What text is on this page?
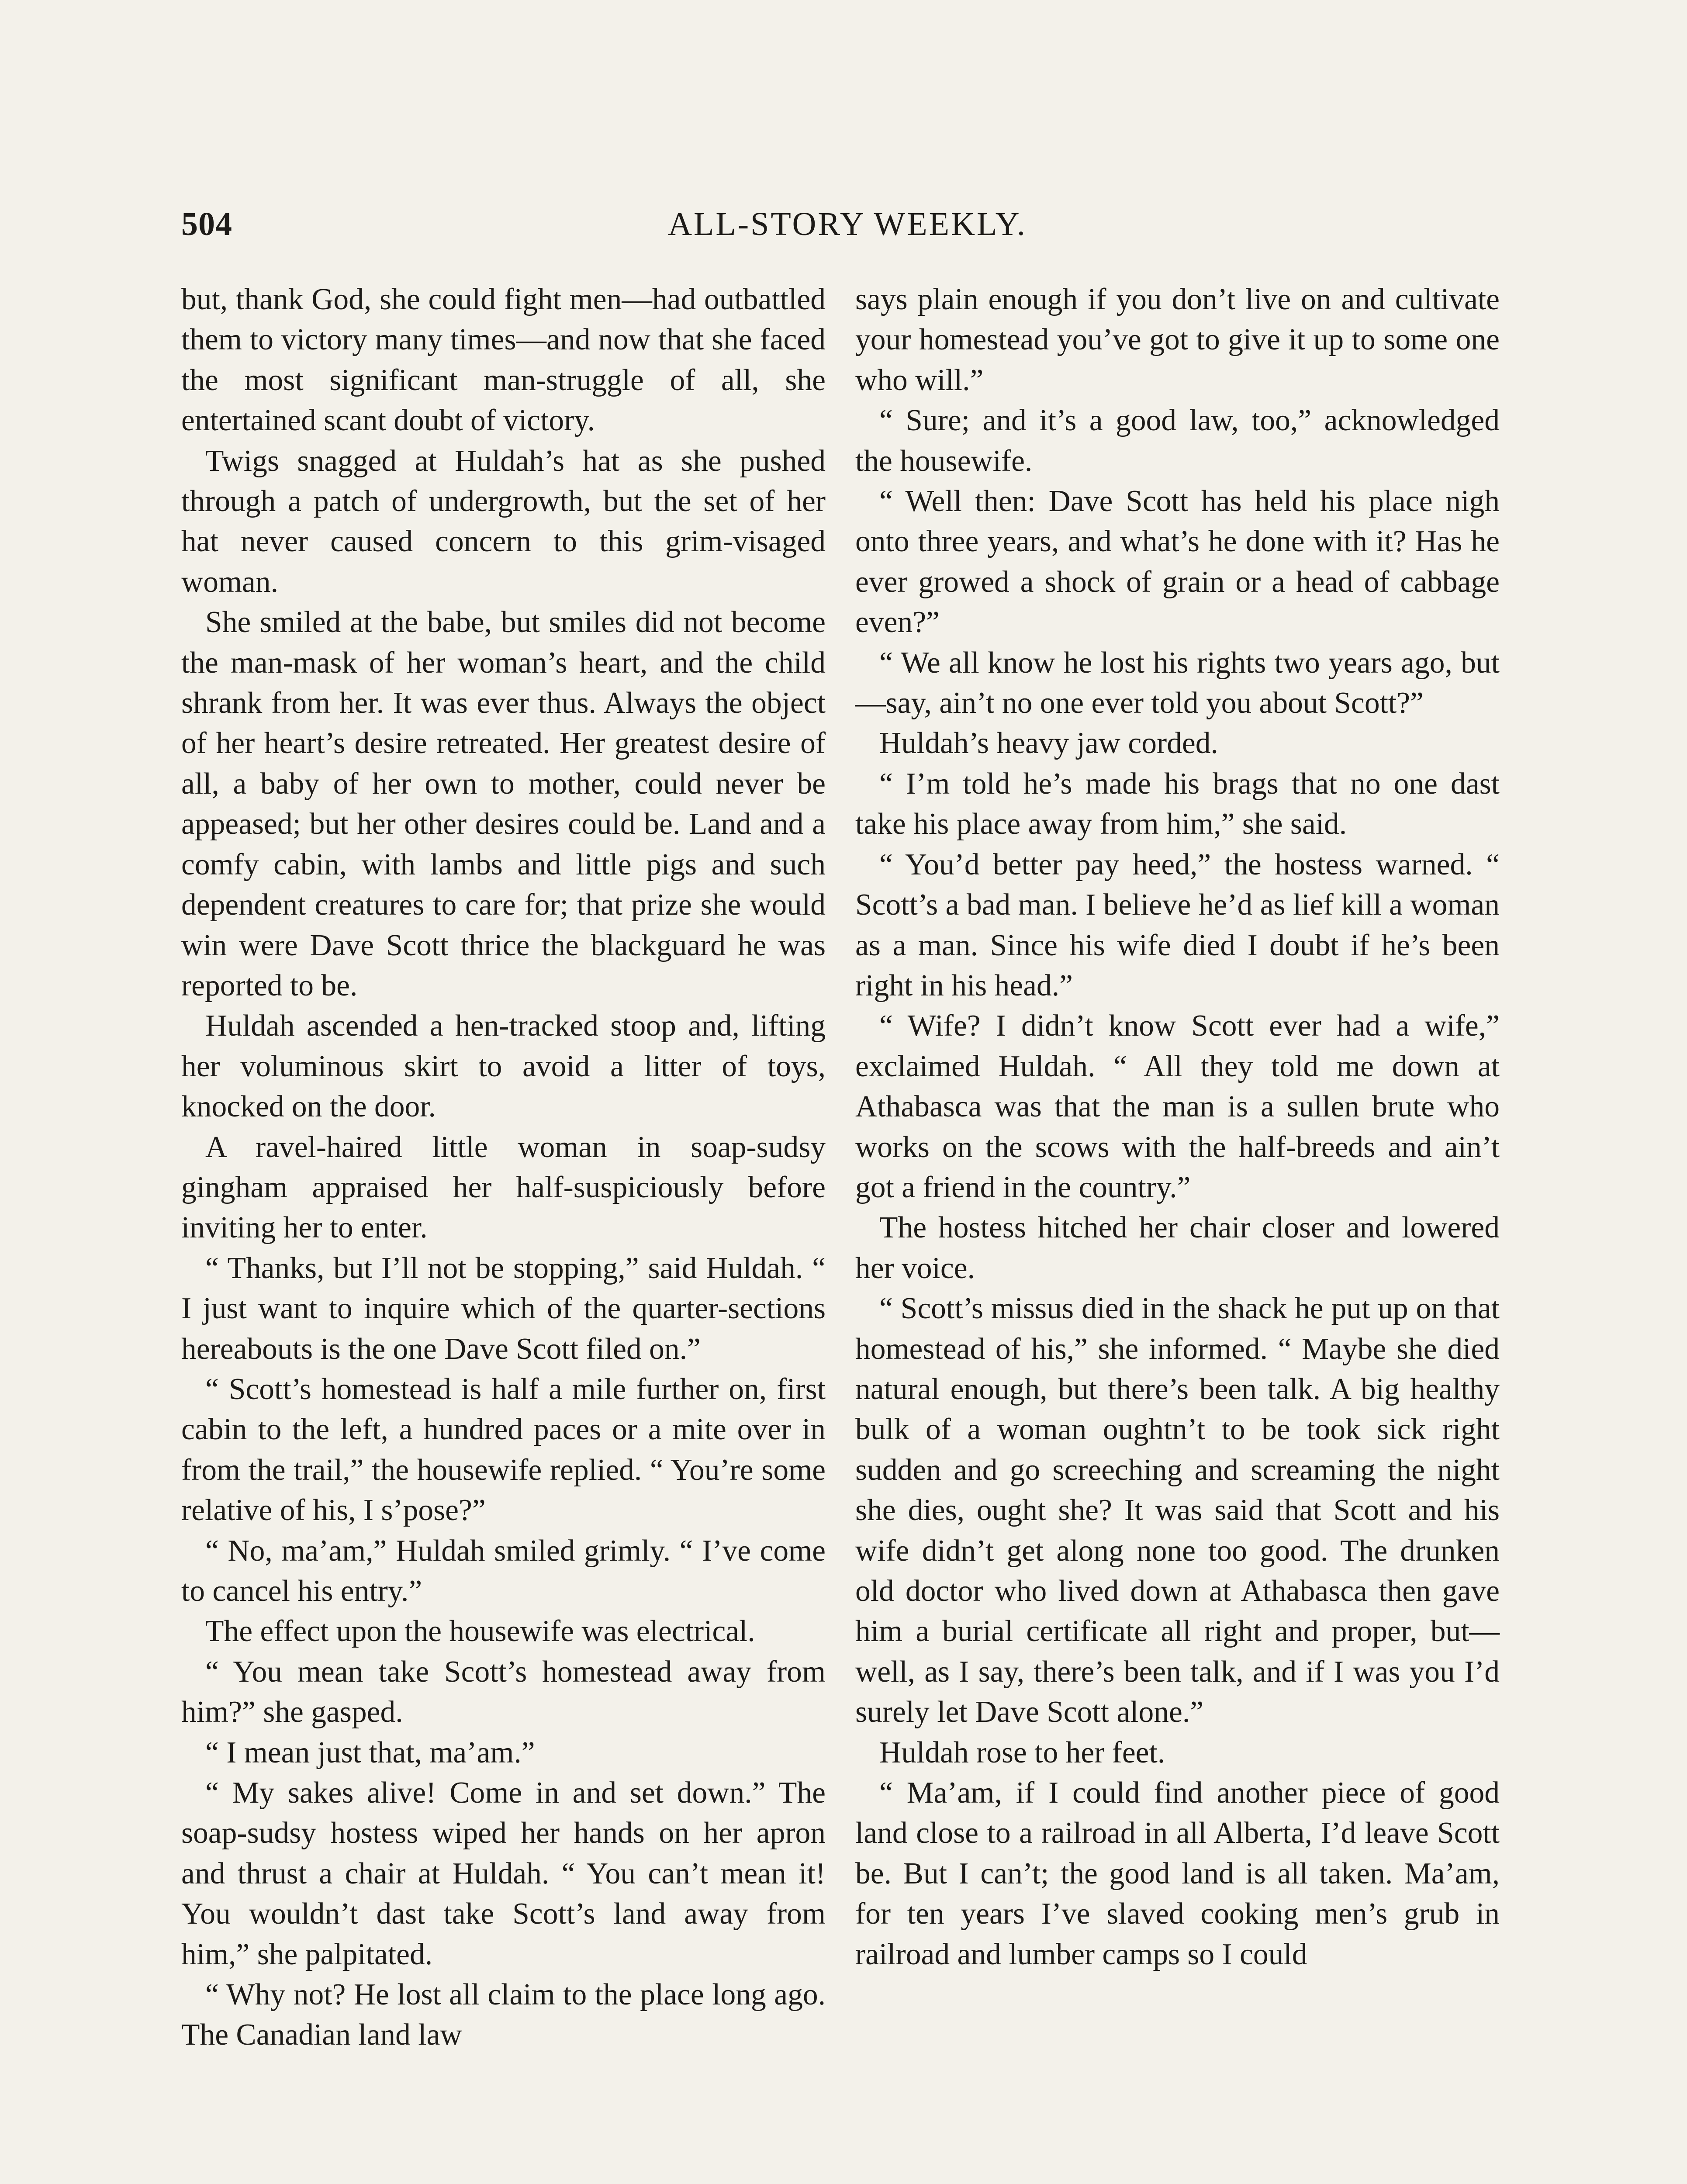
504	ALL-STORY WEEKLY.

but, thank God, she could fight men—had outbattled them to victory many times—and now that she faced the most significant man-struggle of all, she entertained scant doubt of victory.

Twigs snagged at Huldah’s hat as she pushed through a patch of undergrowth, but the set of her hat never caused concern to this grim-visaged woman.

She smiled at the babe, but smiles did not become the man-mask of her woman’s heart, and the child shrank from her. It was ever thus. Always the object of her heart’s desire retreated. Her greatest desire of all, a baby of her own to mother, could never be appeased; but her other desires could be. Land and a comfy cabin, with lambs and little pigs and such dependent creatures to care for; that prize she would win were Dave Scott thrice the blackguard he was reported to be.

Huldah ascended a hen-tracked stoop and, lifting her voluminous skirt to avoid a litter of toys, knocked on the door.

A ravel-haired little woman in soap-sudsy gingham appraised her half-suspiciously before inviting her to enter.

“ Thanks, but I’ll not be stopping,” said Huldah. “ I just want to inquire which of the quarter-sections hereabouts is the one Dave Scott filed on.”

“ Scott’s homestead is half a mile further on, first cabin to the left, a hundred paces or a mite over in from the trail,” the housewife replied. “ You’re some relative of his, I s’pose?”

“ No, ma’am,” Huldah smiled grimly. “ I’ve come to cancel his entry.”

The effect upon the housewife was electrical.

“ You mean take Scott’s homestead away from him?” she gasped.

“ I mean just that, ma’am.”

“ My sakes alive! Come in and set down.” The soap-sudsy hostess wiped her hands on her apron and thrust a chair at Huldah. “ You can’t mean it! You wouldn’t dast take Scott’s land away from him,” she palpitated.

“ Why not? He lost all claim to the place long ago. The Canadian land law

says plain enough if you don’t live on and cultivate your homestead you’ve got to give it up to some one who will.”

“ Sure; and it’s a good law, too,” acknowledged the housewife.

“ Well then: Dave Scott has held his place nigh onto three years, and what’s he done with it? Has he ever growed a shock of grain or a head of cabbage even?”

“ We all know he lost his rights two years ago, but—say, ain’t no one ever told you about Scott?”

Huldah’s heavy jaw corded.

“ I’m told he’s made his brags that no one dast take his place away from him,” she said.

“ You’d better pay heed,” the hostess warned. “ Scott’s a bad man. I believe he’d as lief kill a woman as a man. Since his wife died I doubt if he’s been right in his head.”

“ Wife? I didn’t know Scott ever had a wife,” exclaimed Huldah. “ All they told me down at Athabasca was that the man is a sullen brute who works on the scows with the half-breeds and ain’t got a friend in the country.”

The hostess hitched her chair closer and lowered her voice.

“ Scott’s missus died in the shack he put up on that homestead of his,” she informed. “ Maybe she died natural enough, but there’s been talk. A big healthy bulk of a woman oughtn’t to be took sick right sudden and go screeching and screaming the night she dies, ought she? It was said that Scott and his wife didn’t get along none too good. The drunken old doctor who lived down at Athabasca then gave him a burial certificate all right and proper, but—well, as I say, there’s been talk, and if I was you I’d surely let Dave Scott alone.”

Huldah rose to her feet.

“ Ma’am, if I could find another piece of good land close to a railroad in all Alberta, I’d leave Scott be. But I can’t; the good land is all taken. Ma’am, for ten years I’ve slaved cooking men’s grub in railroad and lumber camps so I could
